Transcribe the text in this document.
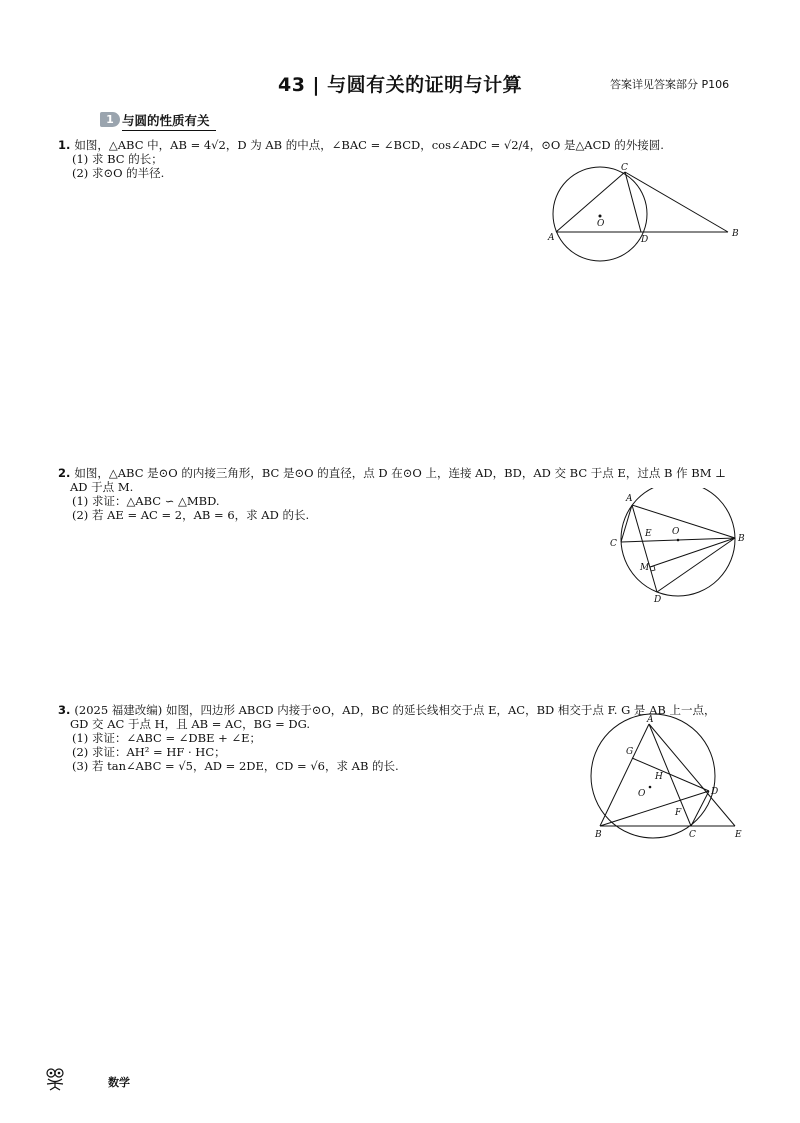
43 | 与圆有关的证明与计算	答案详见答案部分 P106
1 与圆的性质有关
1. 如图，△ABC 中，AB = 4√2，D 为 AB 的中点，∠BAC = ∠BCD，cos∠ADC = √2/4，⊙O 是△ACD 的外接圆.
(1) 求 BC 的长；
(2) 求⊙O 的半径.	C
O
A	D
B
2. 如图，△ABC 是⊙O 的内接三角形，BC 是⊙O 的直径，点 D 在⊙O 上，连接 AD，BD，AD 交 BC 于点 E，过点 B 作 BM ⊥
AD 于点 M.
(1) 求证：△ABC ∽ △MBD.
(2) 若 AE = AC = 2，AB = 6，求 AD 的长.
A
E O
C	B
M
D
3. (2025 福建改编) 如图，四边形 ABCD 内接于⊙O，AD，BC 的延长线相交于点 E，AC，BD 相交于点 F. G 是 AB 上一点，
GD 交 AC 于点 H，且 AB = AC，BG = DG.
(1) 求证：∠ABC = ∠DBE + ∠E；
(2) 求证：AH² = HF · HC；
(3) 若 tan∠ABC = √5，AD = 2DE，CD = √6，求 AB 的长.
A
G
H
O	D
F
B	C	E
数学
